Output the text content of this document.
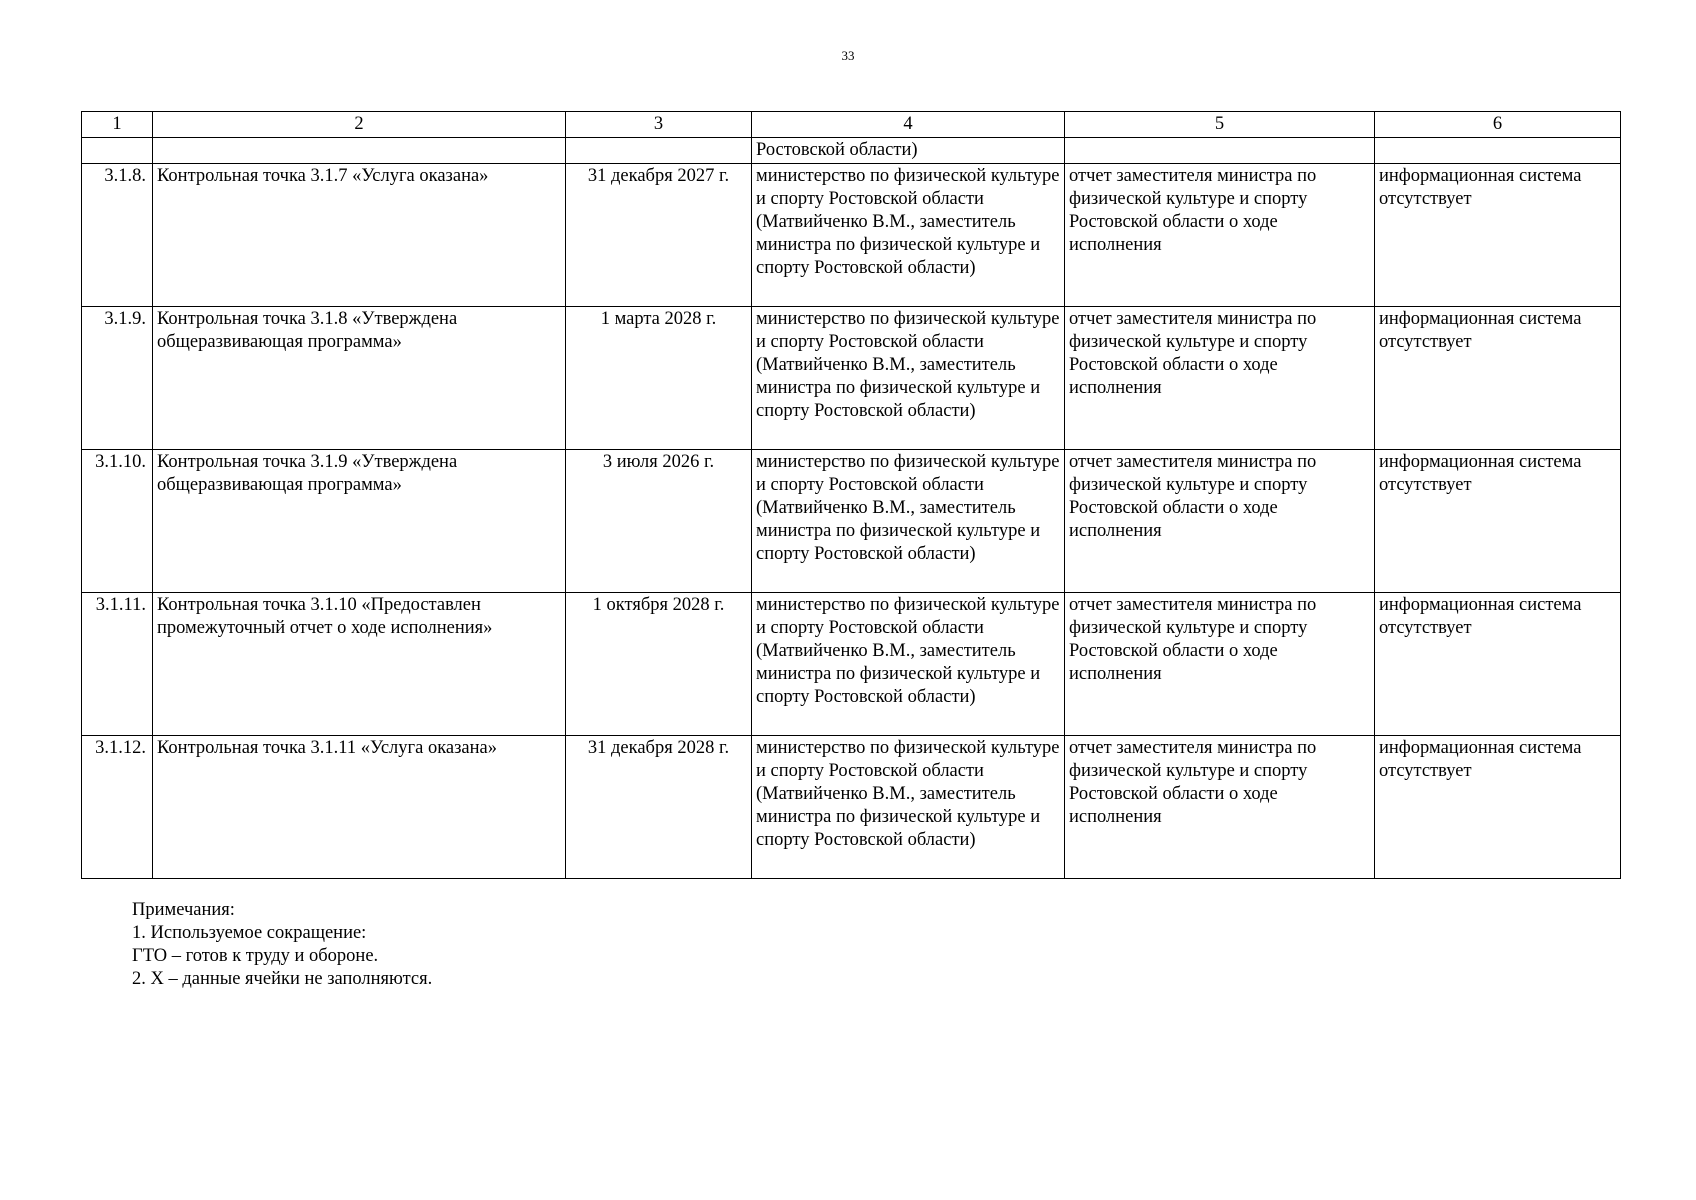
33
1	2	3	4	5	6
			Ростовской области)		
3.1.8.	Контрольная точка 3.1.7 «Услуга оказана»	31 декабря 2027 г.	министерство по физической культуре и спорту Ростовской области (Матвийченко В.М., заместитель министра по физической культуре и спорту Ростовской области)	отчет заместителя министра по физической культуре и спорту Ростовской области о ходе исполнения	информационная система отсутствует
3.1.9.	Контрольная точка 3.1.8 «Утверждена общеразвивающая программа»	1 марта 2028 г.	министерство по физической культуре и спорту Ростовской области (Матвийченко В.М., заместитель министра по физической культуре и спорту Ростовской области)	отчет заместителя министра по физической культуре и спорту Ростовской области о ходе исполнения	информационная система отсутствует
3.1.10.	Контрольная точка 3.1.9 «Утверждена общеразвивающая программа»	3 июля 2026 г.	министерство по физической культуре и спорту Ростовской области (Матвийченко В.М., заместитель министра по физической культуре и спорту Ростовской области)	отчет заместителя министра по физической культуре и спорту Ростовской области о ходе исполнения	информационная система отсутствует
3.1.11.	Контрольная точка 3.1.10 «Предоставлен промежуточный отчет о ходе исполнения»	1 октября 2028 г.	министерство по физической культуре и спорту Ростовской области (Матвийченко В.М., заместитель министра по физической культуре и спорту Ростовской области)	отчет заместителя министра по физической культуре и спорту Ростовской области о ходе исполнения	информационная система отсутствует
3.1.12.	Контрольная точка 3.1.11 «Услуга оказана»	31 декабря 2028 г.	министерство по физической культуре и спорту Ростовской области (Матвийченко В.М., заместитель министра по физической культуре и спорту Ростовской области)	отчет заместителя министра по физической культуре и спорту Ростовской области о ходе исполнения	информационная система отсутствует
Примечания:
1. Используемое сокращение:
ГТО – готов к труду и обороне.
2. X – данные ячейки не заполняются.
